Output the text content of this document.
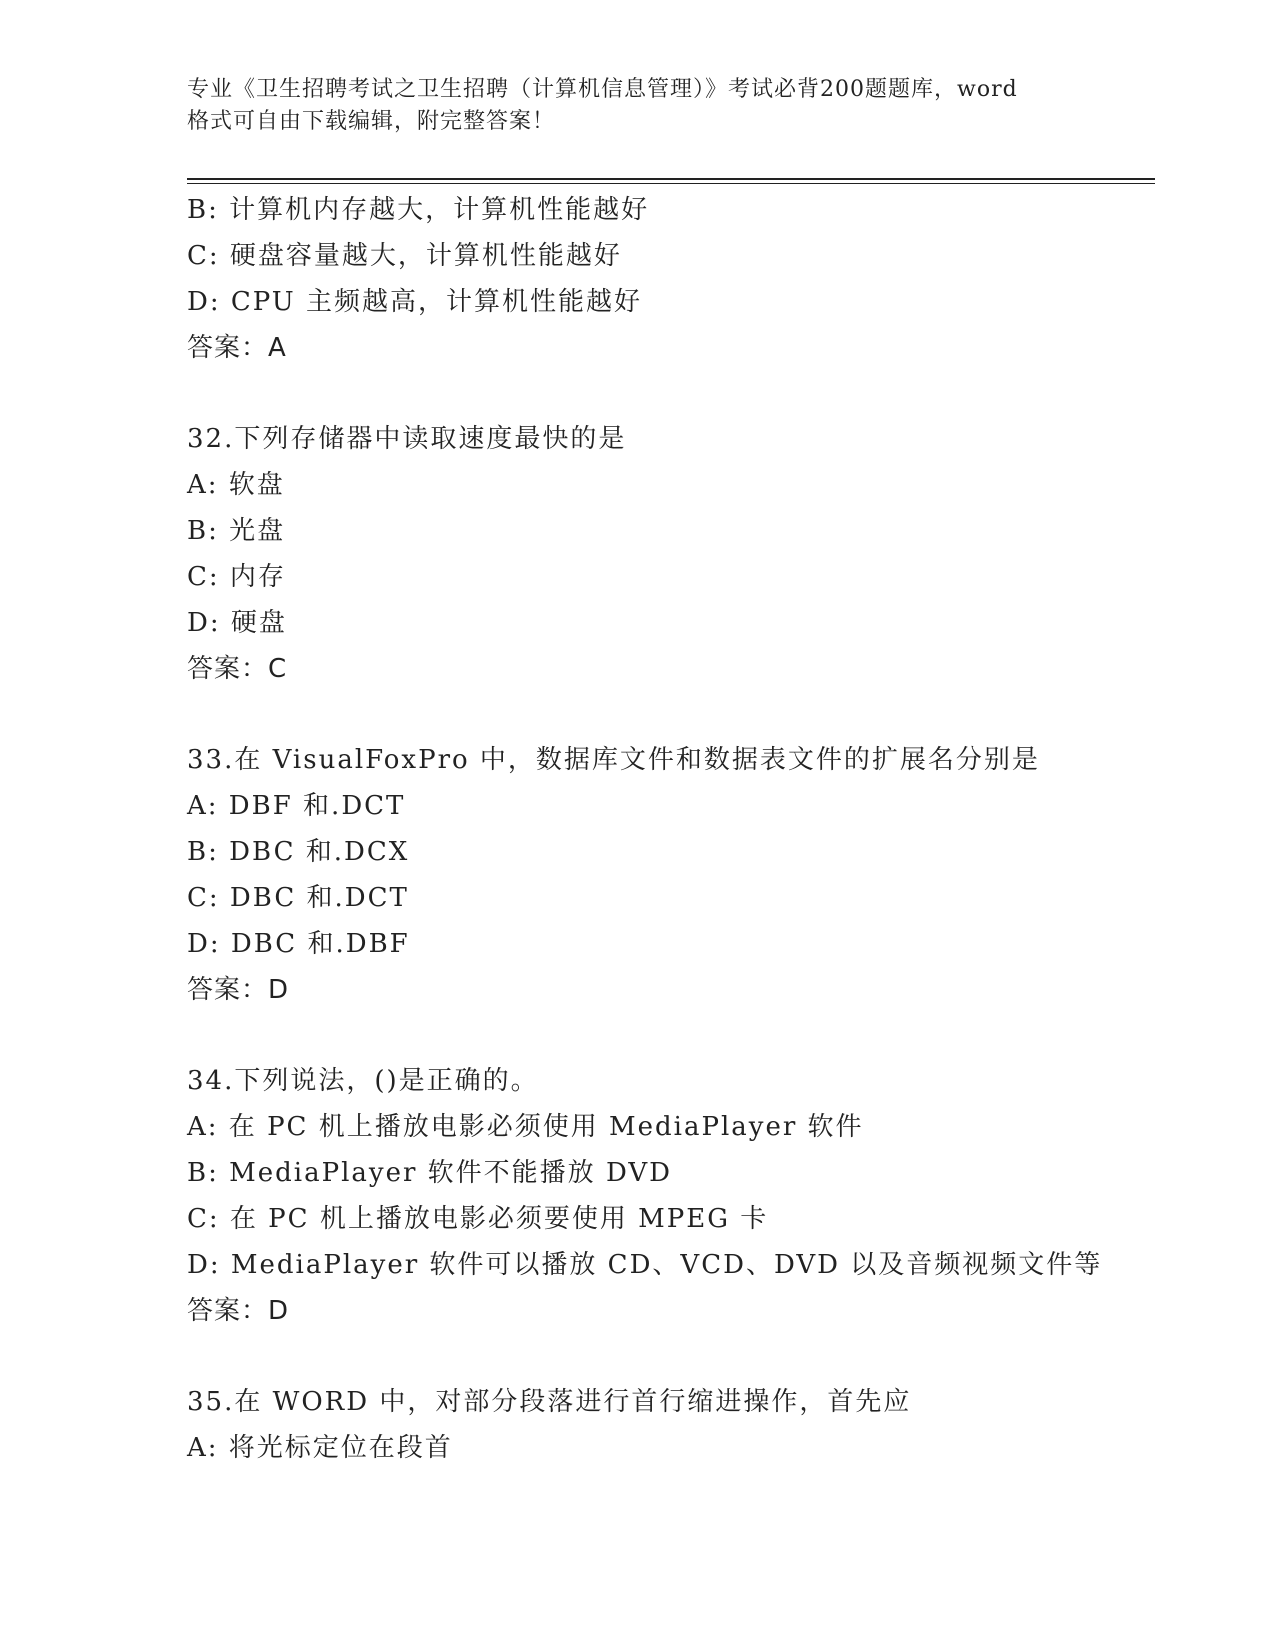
专业《卫生招聘考试之卫生招聘（计算机信息管理）》考试必背200题题库，word
格式可自由下载编辑，附完整答案！
B: 计算机内存越大，计算机性能越好
C: 硬盘容量越大，计算机性能越好
D: CPU 主频越高，计算机性能越好
答案：A
32.下列存储器中读取速度最快的是
A: 软盘
B: 光盘
C: 内存
D: 硬盘
答案：C
33.在 VisualFoxPro 中，数据库文件和数据表文件的扩展名分别是
A: DBF 和.DCT
B: DBC 和.DCX
C: DBC 和.DCT
D: DBC 和.DBF
答案：D
34.下列说法，()是正确的。
A: 在 PC 机上播放电影必须使用 MediaPlayer 软件
B: MediaPlayer 软件不能播放 DVD
C: 在 PC 机上播放电影必须要使用 MPEG 卡
D: MediaPlayer 软件可以播放 CD、VCD、DVD 以及音频视频文件等
答案：D
35.在 WORD 中，对部分段落进行首行缩进操作，首先应
A: 将光标定位在段首
